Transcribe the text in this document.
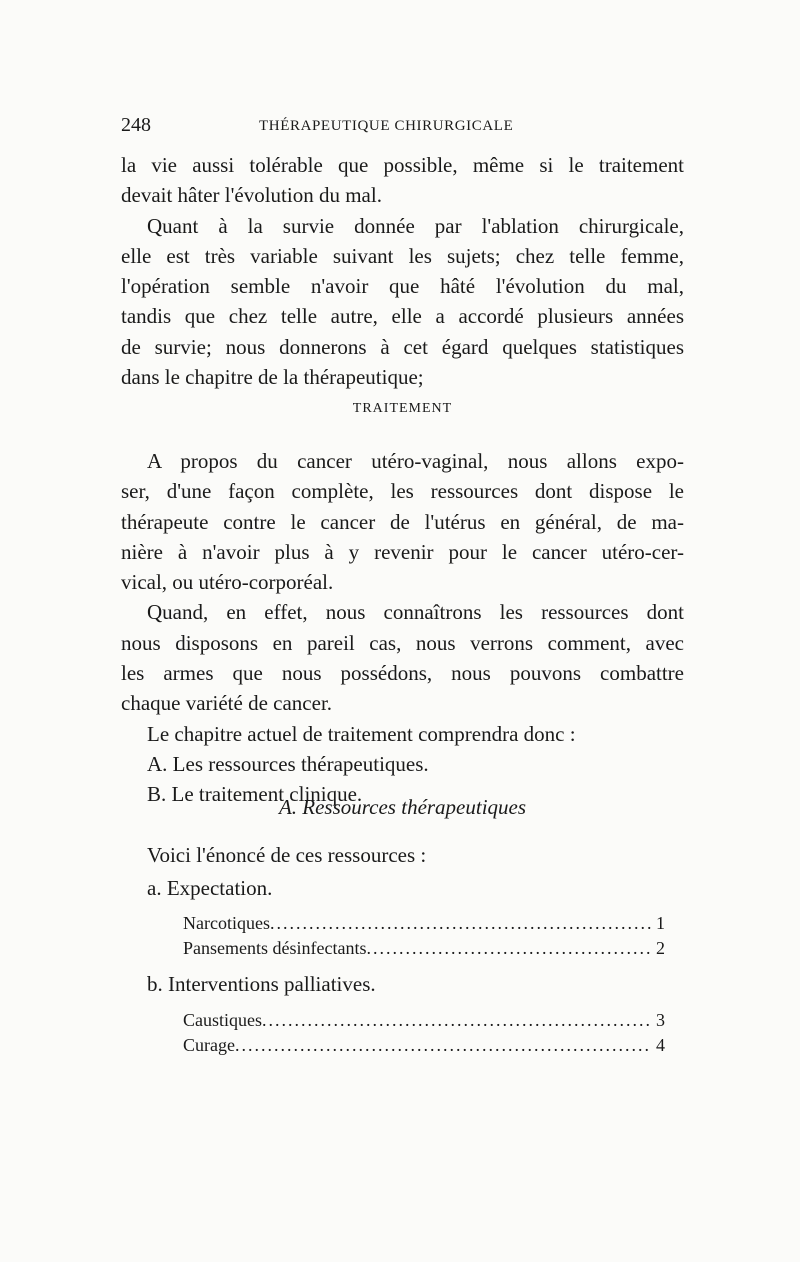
248	THÉRAPEUTIQUE CHIRURGICALE
la vie aussi tolérable que possible, même si le traitement
devait hâter l'évolution du mal.
Quant à la survie donnée par l'ablation chirurgicale,
elle est très variable suivant les sujets; chez telle femme,
l'opération semble n'avoir que hâté l'évolution du mal,
tandis que chez telle autre, elle a accordé plusieurs années
de survie; nous donnerons à cet égard quelques statistiques
dans le chapitre de la thérapeutique;
TRAITEMENT
A propos du cancer utéro-vaginal, nous allons expo-
ser, d'une façon complète, les ressources dont dispose le
thérapeute contre le cancer de l'utérus en général, de ma-
nière à n'avoir plus à y revenir pour le cancer utéro-cer-
vical, ou utéro-corporéal.
Quand, en effet, nous connaîtrons les ressources dont
nous disposons en pareil cas, nous verrons comment, avec
les armes que nous possédons, nous pouvons combattre
chaque variété de cancer.
Le chapitre actuel de traitement comprendra donc :
A. Les ressources thérapeutiques.
B. Le traitement clinique.
A. Ressources thérapeutiques
Voici l'énoncé de ces ressources :
a. Expectation.
Narcotiques .....	1
Pansements désinfectants .....	2
b. Interventions palliatives.
Caustiques .....	3
Curage .....	4
